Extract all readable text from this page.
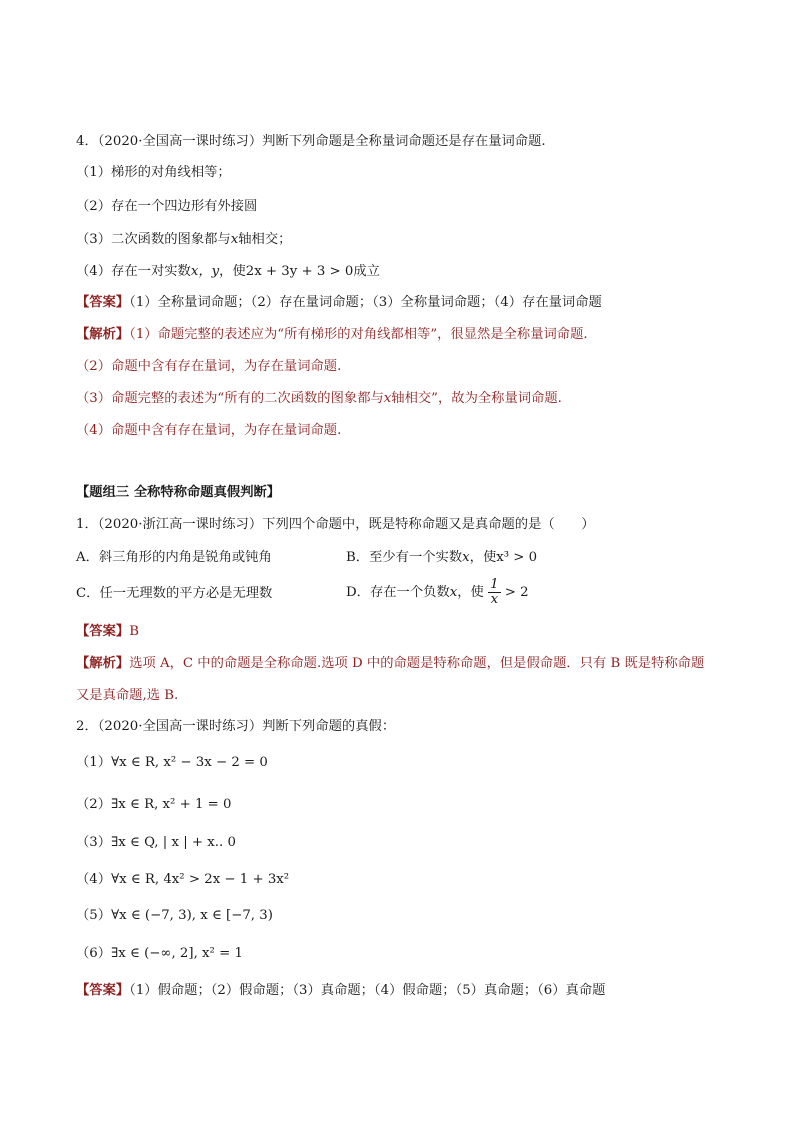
4．（2020·全国高一课时练习）判断下列命题是全称量词命题还是存在量词命题.
（1）梯形的对角线相等；
（2）存在一个四边形有外接圆
（3）二次函数的图象都与x轴相交；
（4）存在一对实数x，y，使2x + 3y + 3 > 0成立
【答案】（1）全称量词命题；（2）存在量词命题；（3）全称量词命题；（4）存在量词命题
【解析】（1）命题完整的表述应为“所有梯形的对角线都相等”，很显然是全称量词命题.
（2）命题中含有存在量词，为存在量词命题.
（3）命题完整的表述为“所有的二次函数的图象都与x轴相交”，故为全称量词命题.
（4）命题中含有存在量词，为存在量词命题.
【题组三 全称特称命题真假判断】
1．（2020·浙江高一课时练习）下列四个命题中，既是特称命题又是真命题的是（　　）
A．斜三角形的内角是锐角或钝角	B．至少有一个实数x，使x³ > 0
C．任一无理数的平方必是无理数	D．存在一个负数x，使 $\frac{1}{x} > 2$
【答案】B
【解析】选项 A，C 中的命题是全称命题.选项 D 中的命题是特称命题，但是假命题．只有 B 既是特称命题
又是真命题,选 B.
2．（2020·全国高一课时练习）判断下列命题的真假：
（1）∀x ∈ R, x² − 3x − 2 = 0
（2）∃x ∈ R, x² + 1 = 0
（3）∃x ∈ Q, | x | + x.. 0
（4）∀x ∈ R, 4x² > 2x − 1 + 3x²
（5）∀x ∈ (−7, 3), x ∈ [−7, 3)
（6）∃x ∈ (−∞, 2], x² = 1
【答案】（1）假命题；（2）假命题；（3）真命题；（4）假命题；（5）真命题；（6）真命题
